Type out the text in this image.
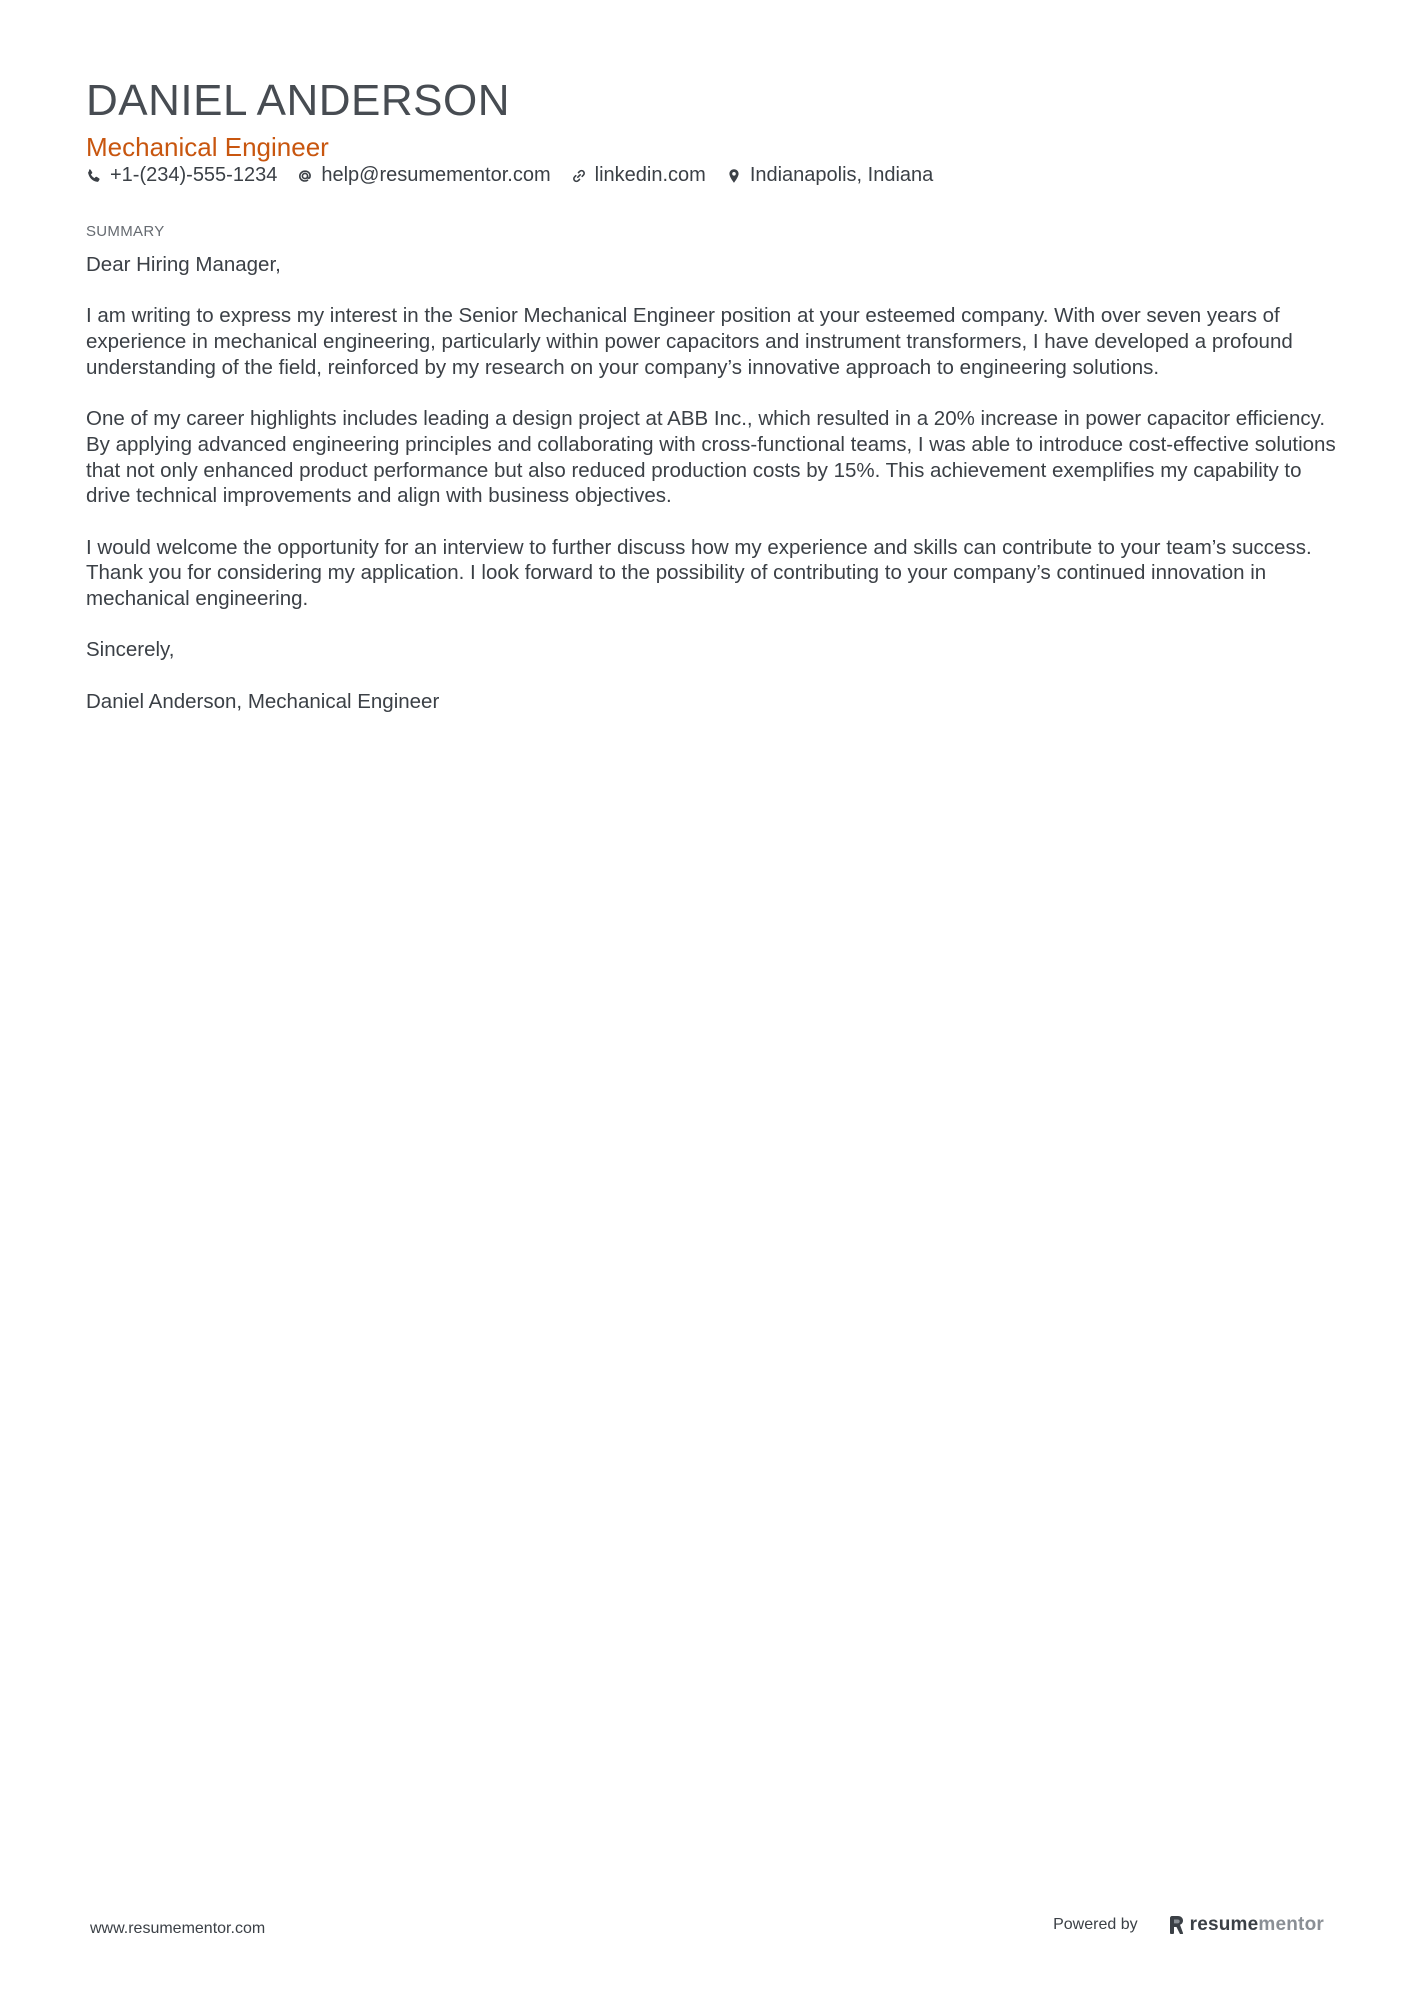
DANIEL ANDERSON
Mechanical Engineer
+1-(234)-555-1234 help@resumementor.com linkedin.com Indianapolis, Indiana
SUMMARY

Dear Hiring Manager,

I am writing to express my interest in the Senior Mechanical Engineer position at your esteemed company. With over seven years of experience in mechanical engineering, particularly within power capacitors and instrument transformers, I have developed a profound understanding of the field, reinforced by my research on your company’s innovative approach to engineering solutions.

One of my career highlights includes leading a design project at ABB Inc., which resulted in a 20% increase in power capacitor efficiency. By applying advanced engineering principles and collaborating with cross-functional teams, I was able to introduce cost-effective solutions that not only enhanced product performance but also reduced production costs by 15%. This achievement exemplifies my capability to drive technical improvements and align with business objectives.

I would welcome the opportunity for an interview to further discuss how my experience and skills can contribute to your team’s success. Thank you for considering my application. I look forward to the possibility of contributing to your company’s continued innovation in mechanical engineering.

Sincerely,

Daniel Anderson, Mechanical Engineer

www.resumementor.com	Powered by	resume mentor
